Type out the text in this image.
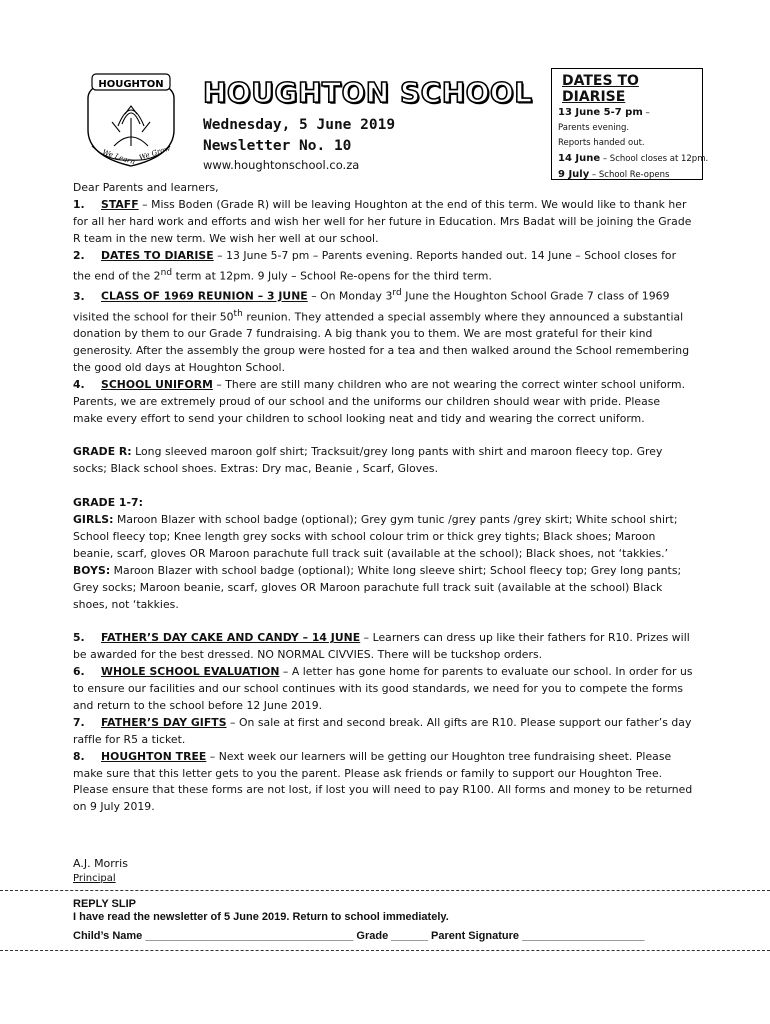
HOUGHTON
We Learn We Grow
HOUGHTON SCHOOL
Wednesday, 5 June 2019
Newsletter No. 10
www.houghtonschool.co.za
DATES TO DIARISE
13 June 5-7 pm –
Parents evening.
Reports handed out.
14 June – School closes at 12pm.
9 July – School Re-opens

Dear Parents and learners,

1. STAFF – Miss Boden (Grade R) will be leaving Houghton at the end of this term. We would like to thank her for all her hard work and efforts and wish her well for her future in Education. Mrs Badat will be joining the Grade R team in the new term. We wish her well at our school.

2. DATES TO DIARISE – 13 June 5-7 pm – Parents evening. Reports handed out. 14 June – School closes for the end of the 2nd term at 12pm. 9 July – School Re-opens for the third term.

3. CLASS OF 1969 REUNION – 3 JUNE – On Monday 3rd June the Houghton School Grade 7 class of 1969 visited the school for their 50th reunion. They attended a special assembly where they announced a substantial donation by them to our Grade 7 fundraising. A big thank you to them. We are most grateful for their kind generosity. After the assembly the group were hosted for a tea and then walked around the School remembering the good old days at Houghton School.

4. SCHOOL UNIFORM – There are still many children who are not wearing the correct winter school uniform. Parents, we are extremely proud of our school and the uniforms our children should wear with pride. Please make every effort to send your children to school looking neat and tidy and wearing the correct uniform.

GRADE R: Long sleeved maroon golf shirt; Tracksuit/grey long pants with shirt and maroon fleecy top. Grey socks; Black school shoes. Extras: Dry mac, Beanie , Scarf, Gloves.

GRADE 1-7:

GIRLS: Maroon Blazer with school badge (optional); Grey gym tunic /grey pants /grey skirt; White school shirt; School fleecy top; Knee length grey socks with school colour trim or thick grey tights; Black shoes; Maroon beanie, scarf, gloves OR Maroon parachute full track suit (available at the school); Black shoes, not ‘takkies.’

BOYS: Maroon Blazer with school badge (optional); White long sleeve shirt; School fleecy top; Grey long pants; Grey socks; Maroon beanie, scarf, gloves OR Maroon parachute full track suit (available at the school) Black shoes, not ‘takkies.

5. FATHER’S DAY CAKE AND CANDY – 14 JUNE – Learners can dress up like their fathers for R10. Prizes will be awarded for the best dressed. NO NORMAL CIVVIES. There will be tuckshop orders.

6. WHOLE SCHOOL EVALUATION – A letter has gone home for parents to evaluate our school. In order for us to ensure our facilities and our school continues with its good standards, we need for you to compete the forms and return to the school before 12 June 2019.

7. FATHER’S DAY GIFTS – On sale at first and second break. All gifts are R10. Please support our father’s day raffle for R5 a ticket.

8. HOUGHTON TREE – Next week our learners will be getting our Houghton tree fundraising sheet. Please make sure that this letter gets to you the parent. Please ask friends or family to support our Houghton Tree. Please ensure that these forms are not lost, if lost you will need to pay R100. All forms and money to be returned on 9 July 2019.

A.J. Morris
Principal
REPLY SLIP
I have read the newsletter of 5 June 2019. Return to school immediately.
Child’s Name __________________________________ Grade ______ Parent Signature ____________________
